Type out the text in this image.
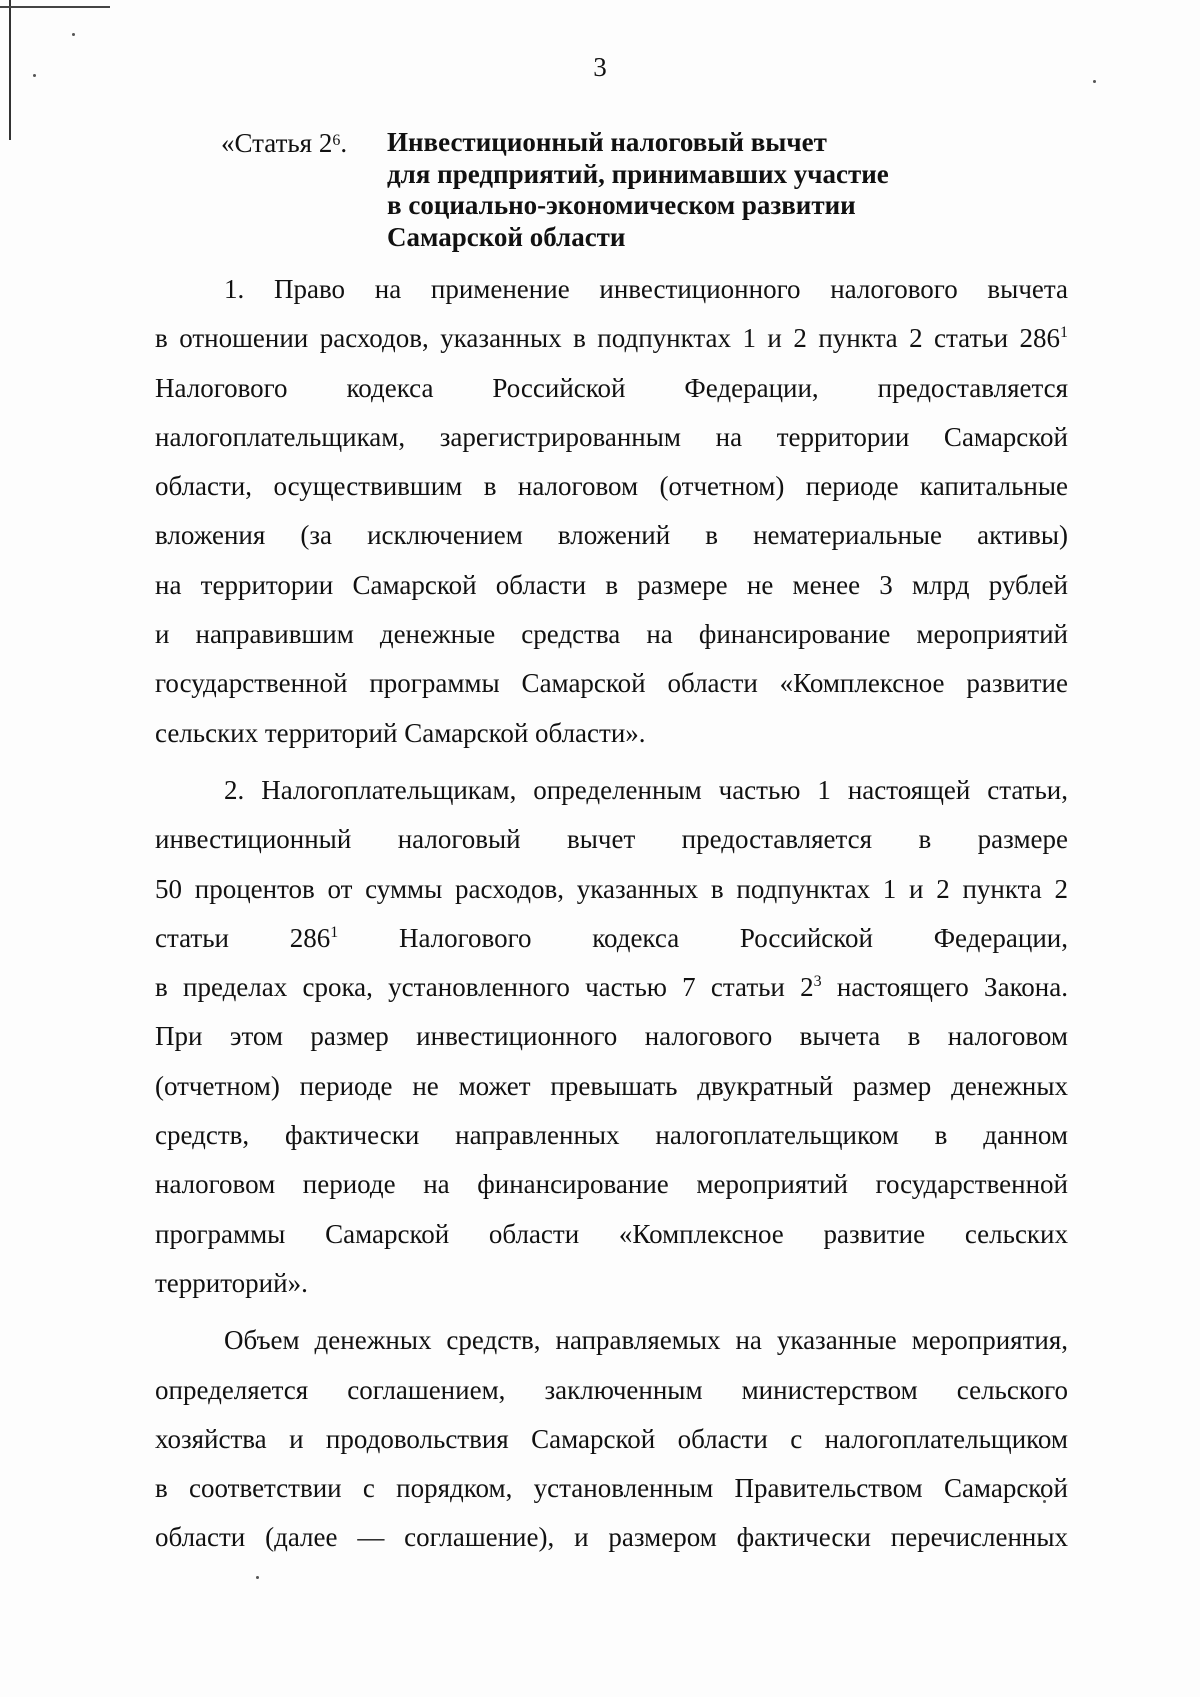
3
«Статья $2^6$.	Инвестиционный налоговый вычет
для предприятий, принимавших участие
в социально-экономическом развитии
Самарской области
1. Право на применение инвестиционного налогового вычета
в отношении расходов, указанных в подпунктах 1 и 2 пункта 2 статьи $286^1$
Налогового кодекса Российской Федерации, предоставляется
налогоплательщикам, зарегистрированным на территории Самарской
области, осуществившим в налоговом (отчетном) периоде капитальные
вложения (за исключением вложений в нематериальные активы)
на территории Самарской области в размере не менее 3 млрд рублей
и направившим денежные средства на финансирование мероприятий
государственной программы Самарской области «Комплексное развитие
сельских территорий Самарской области».
2. Налогоплательщикам, определенным частью 1 настоящей статьи,
инвестиционный налоговый вычет предоставляется в размере
50 процентов от суммы расходов, указанных в подпунктах 1 и 2 пункта 2
статьи $286^1$ Налогового кодекса Российской Федерации,
в пределах срока, установленного частью 7 статьи $2^3$ настоящего Закона.
При этом размер инвестиционного налогового вычета в налоговом
(отчетном) периоде не может превышать двукратный размер денежных
средств, фактически направленных налогоплательщиком в данном
налоговом периоде на финансирование мероприятий государственной
программы Самарской области «Комплексное развитие сельских
территорий».
Объем денежных средств, направляемых на указанные мероприятия,
определяется соглашением, заключенным министерством сельского
хозяйства и продовольствия Самарской области с налогоплательщиком
в соответствии с порядком, установленным Правительством Самарской
области (далее — соглашение), и размером фактически перечисленных
